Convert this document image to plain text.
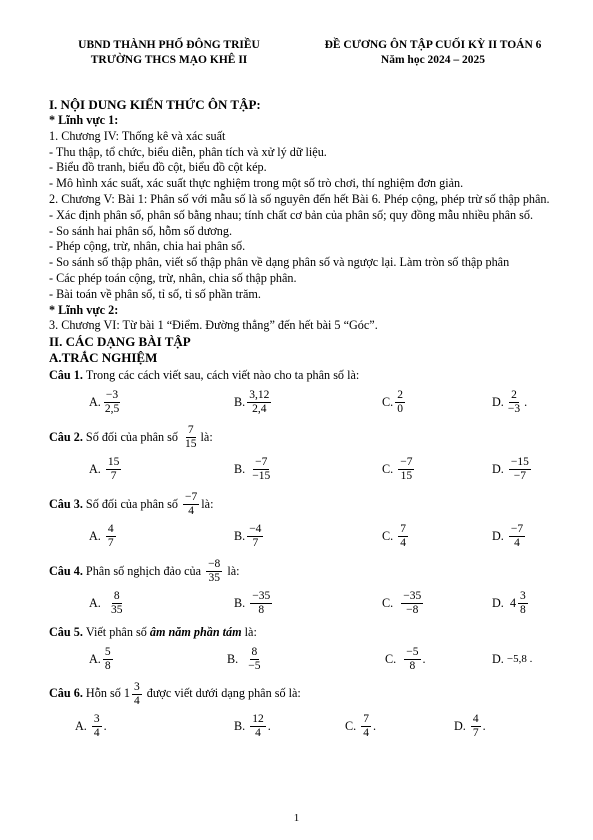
UBND THÀNH PHỐ ĐÔNG TRIỀU
TRƯỜNG THCS MẠO KHÊ II
ĐỀ CƯƠNG ÔN TẬP CUỐI KỲ II TOÁN 6
Năm học 2024 – 2025
I. NỘI DUNG KIẾN THỨC ÔN TẬP:
* Lĩnh vực 1:

1. Chương IV: Thống kê và xác suất

- Thu thập, tổ chức, biểu diễn, phân tích và xử lý dữ liệu.

- Biểu đồ tranh, biểu đồ cột, biểu đồ cột kép.

- Mô hình xác suất, xác suất thực nghiệm trong một số trò chơi, thí nghiệm đơn giản.

2. Chương V: Bài 1: Phân số với mẫu số là số nguyên đến hết Bài 6. Phép cộng, phép trừ số thập phân.

- Xác định phân số, phân số bằng nhau; tính chất cơ bản của phân số; quy đồng mẫu nhiều phân số.

- So sánh hai phân số, hỗm số dương.

- Phép cộng, trừ, nhân, chia hai phân số.

- So sánh số thập phân, viết số thập phân về dạng phân số và ngược lại. Làm tròn số thập phân

- Các phép toán cộng, trừ, nhân, chia số thập phân.

- Bài toán về phân số, tỉ số, tỉ số phần trăm.

* Lĩnh vực 2:

3. Chương VI: Từ bài 1 “Điểm. Đường thẳng” đến hết bài 5 “Góc”.

II. CÁC DẠNG BÀI TẬP
A.TRẮC NGHIỆM
Câu 1.
Trong các cách viết sau, cách viết nào cho ta phân số là:
A. $\frac{-3}{2,5}$	B. $\frac{3,12}{2,4}$	C. $\frac{2}{0}$	D. $\frac{2}{-3}$ .
Câu 2.
Số đối của phân số
$\frac{7}{15}$ là:
A.
$\frac{15}{7}$	B.
$\frac{-7}{-15}$	C.
$\frac{-7}{15}$	D.
$\frac{-15}{-7}$
Câu 3.
Số đối của phân số
$\frac{-7}{4}$ là:
A.
$\frac{4}{7}$	B. $\frac{-4}{7}$	C.
$\frac{7}{4}$	D.
$\frac{-7}{4}$
Câu 4.
Phân số nghịch đảo của
$\frac{-8}{35}$
là:
A.
$\frac{8}{35}$	B.
$\frac{-35}{8}$	C.
$\frac{-35}{-8}$	D.
$4 \frac{3}{8}$
Câu 5.
Viết phân số
âm năm phần tám
là:
A. $\frac{5}{8}$	B.
$\frac{8}{-5}$	C.
$\frac{-5}{8}$ .	D.
−5,8 .
Câu 6.
Hỗn số
$1 \frac{3}{4}$
được viết dưới dạng phân số là:
A.
$\frac{3}{4}$ .	B.
$\frac{12}{4}$ .	C.
$\frac{7}{4}$ .	D.
$\frac{4}{7}$ .
1
